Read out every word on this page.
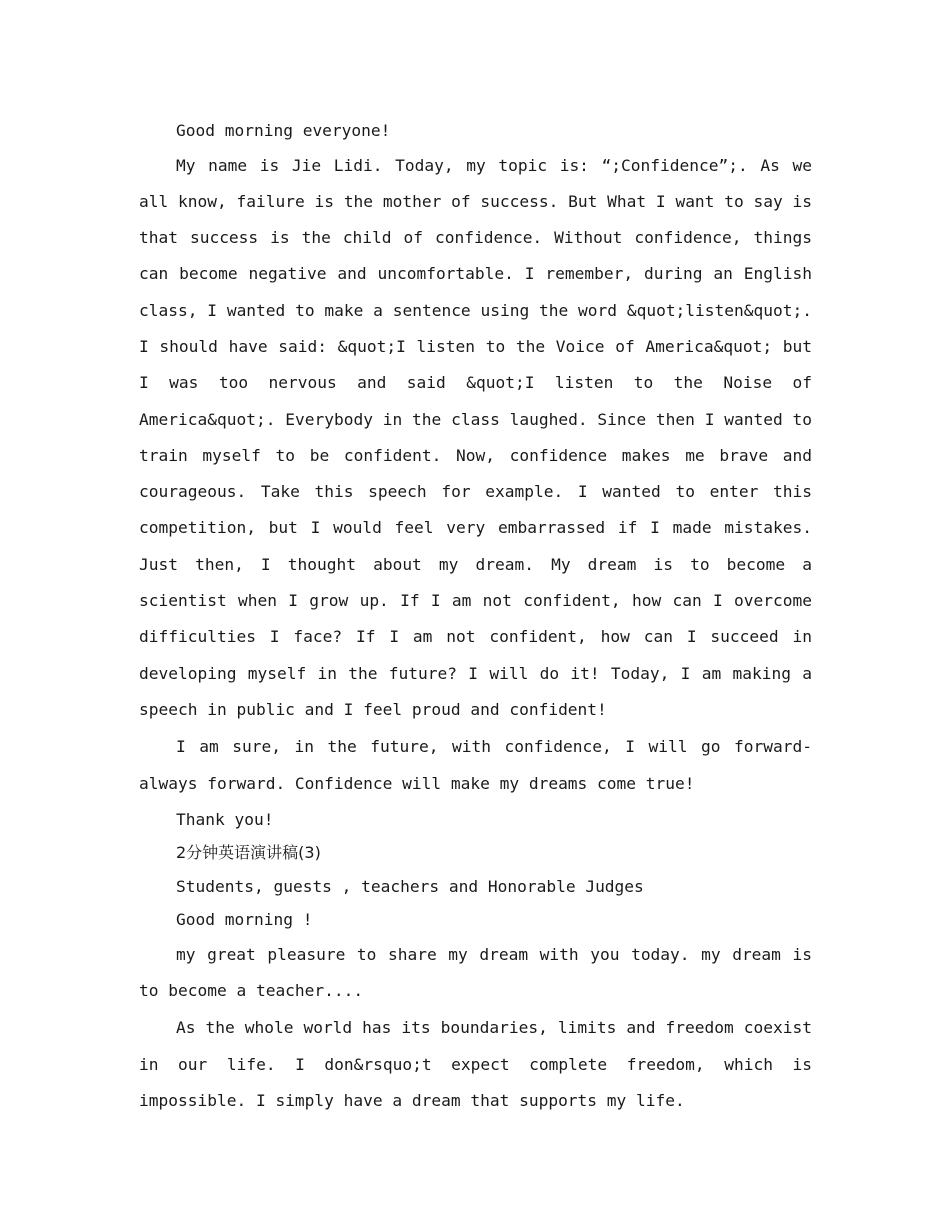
Good morning everyone!

My name is Jie Lidi. Today, my topic is: “;Confidence”;. As we all know, failure is the mother of success. But What I want to say is that success is the child of confidence. Without confidence, things can become negative and uncomfortable. I remember, during an English class, I wanted to make a sentence using the word &quot;listen&quot;. I should have said: &quot;I listen to the Voice of America&quot; but I was too nervous and said &quot;I listen to the Noise of America&quot;. Everybody in the class laughed. Since then I wanted to train myself to be confident. Now, confidence makes me brave and courageous. Take this speech for example. I wanted to enter this competition, but I would feel very embarrassed if I made mistakes. Just then, I thought about my dream. My dream is to become a scientist when I grow up. If I am not confident, how can I overcome difficulties I face? If I am not confident, how can I succeed in developing myself in the future? I will do it! Today, I am making a speech in public and I feel proud and confident!

I am sure, in the future, with confidence, I will go forward-always forward. Confidence will make my dreams come true!

Thank you!

2分钟英语演讲稿(3)

Students, guests , teachers and Honorable Judges

Good morning !

my great pleasure to share my dream with you today. my dream is to become a teacher....

As the whole world has its boundaries, limits and freedom coexist in our life. I don&rsquo;t expect complete freedom, which is impossible. I simply have a dream that supports my life.
